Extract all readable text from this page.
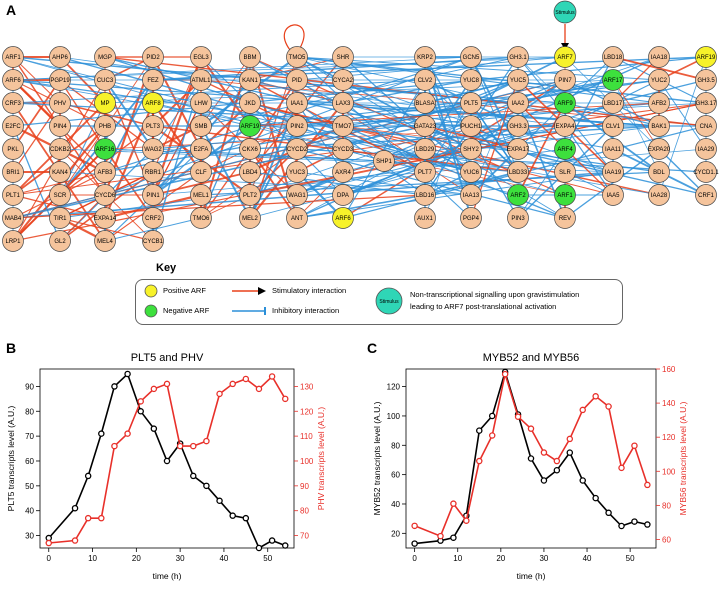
A
ARF1
ARF6
CRF3
E2FC
PKL
BRI1
PLT1
MAB4
LRP1
AHP6
PGP19
PHV
PIN4
CDKB2
KAN4
SCR
TIR1
GL2
MGP
CUC3
MP
PHB
ARF16
AFB3
CYCD6
EXPA14
MEL4
PID2
FEZ
ARF8
PLT3
WAG2
RBR1
PIN1
CRF2
CYCB1
EGL3
ATML1
LHW
SMB
E2FA
CLF
MEL1
TMO6
BBM
KAN1
JKD
ARF19
CKX6
LBD4
PLT2
MEL2
TMO5
PID
IAA1
PIN2
CYCD2
YUC3
WAG1
ANT
SHR
CYCA2
LAX3
TMO7
CYCD3
AXR4
DPA
ARF6
KRP2
CLV2
BLASA
GATA23
LBD29
PLT7
LBD16
AUX1
GCN5
YUC8
PLT5
PUCH1
SHY2
YUC6
IAA13
PGP4
GH3.1
YUC5
IAA2
GH3.3
EXPA17
LBD33
ARF2
PIN3
ARF7
PIN7
ARF9
EXPA4
ARF4
SLR
ARF1
REV
LBD18
ARF17
LBD17
CLV1
IAA11
IAA19
IAA5
IAA18
YUC2
AFB2
BAK1
EXPA20
BDL
IAA28
ARF19
GH3.5
GH3.17
CNA
IAA29
CYCD1.1
CRF1
SHP1
Stimulus
Key
Stimulus
Positive ARF
Negative ARF
Stimulatory interaction
Inhibitory interaction
Non-transcriptional signalling upon gravistimulation
leading to ARF7 post-translational activation
B	C
PLT5 and PHV
0	10	20	30	40	50
30
40
50
60
70
80
90
70
80
90
100
110
120
130
time (h)
PLT5 transcripts level (A.U.)	PHV transcripts level (A.U.)
MYB52 and MYB56
0	10	20	30	40	50
20
40
60
80
100
120
60
80
100
120
140
160
time (h)
MYB52 transcripts level (A.U.)	MYB56 transcripts level (A.U.)
